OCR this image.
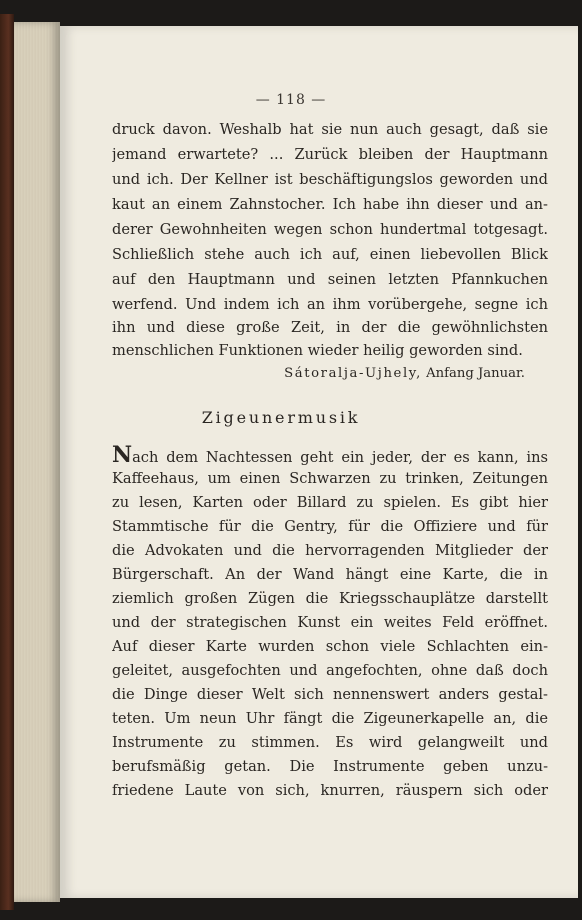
— 118 —
druck davon. Weshalb hat sie nun auch gesagt, daß sie
jemand erwartete? ... Zurück bleiben der Hauptmann
und ich. Der Kellner ist beschäftigungslos geworden und
kaut an einem Zahnstocher. Ich habe ihn dieser und an-
derer Gewohnheiten wegen schon hundertmal totgesagt.
Schließlich stehe auch ich auf, einen liebevollen Blick
auf den Hauptmann und seinen letzten Pfannkuchen
werfend. Und indem ich an ihm vorübergehe, segne ich
ihn und diese große Zeit, in der die gewöhnlichsten
menschlichen Funktionen wieder heilig geworden sind.
Sátoralja-Ujhely, Anfang Januar.
Zigeunermusik
Nach dem Nachtessen geht ein jeder, der es kann, ins
Kaffeehaus, um einen Schwarzen zu trinken, Zeitungen
zu lesen, Karten oder Billard zu spielen. Es gibt hier
Stammtische für die Gentry, für die Offiziere und für
die Advokaten und die hervorragenden Mitglieder der
Bürgerschaft. An der Wand hängt eine Karte, die in
ziemlich großen Zügen die Kriegsschauplätze darstellt
und der strategischen Kunst ein weites Feld eröffnet.
Auf dieser Karte wurden schon viele Schlachten ein-
geleitet, ausgefochten und angefochten, ohne daß doch
die Dinge dieser Welt sich nennenswert anders gestal-
teten. Um neun Uhr fängt die Zigeunerkapelle an, die
Instrumente zu stimmen. Es wird gelangweilt und
berufsmäßig getan. Die Instrumente geben unzu-
friedene Laute von sich, knurren, räuspern sich oder
